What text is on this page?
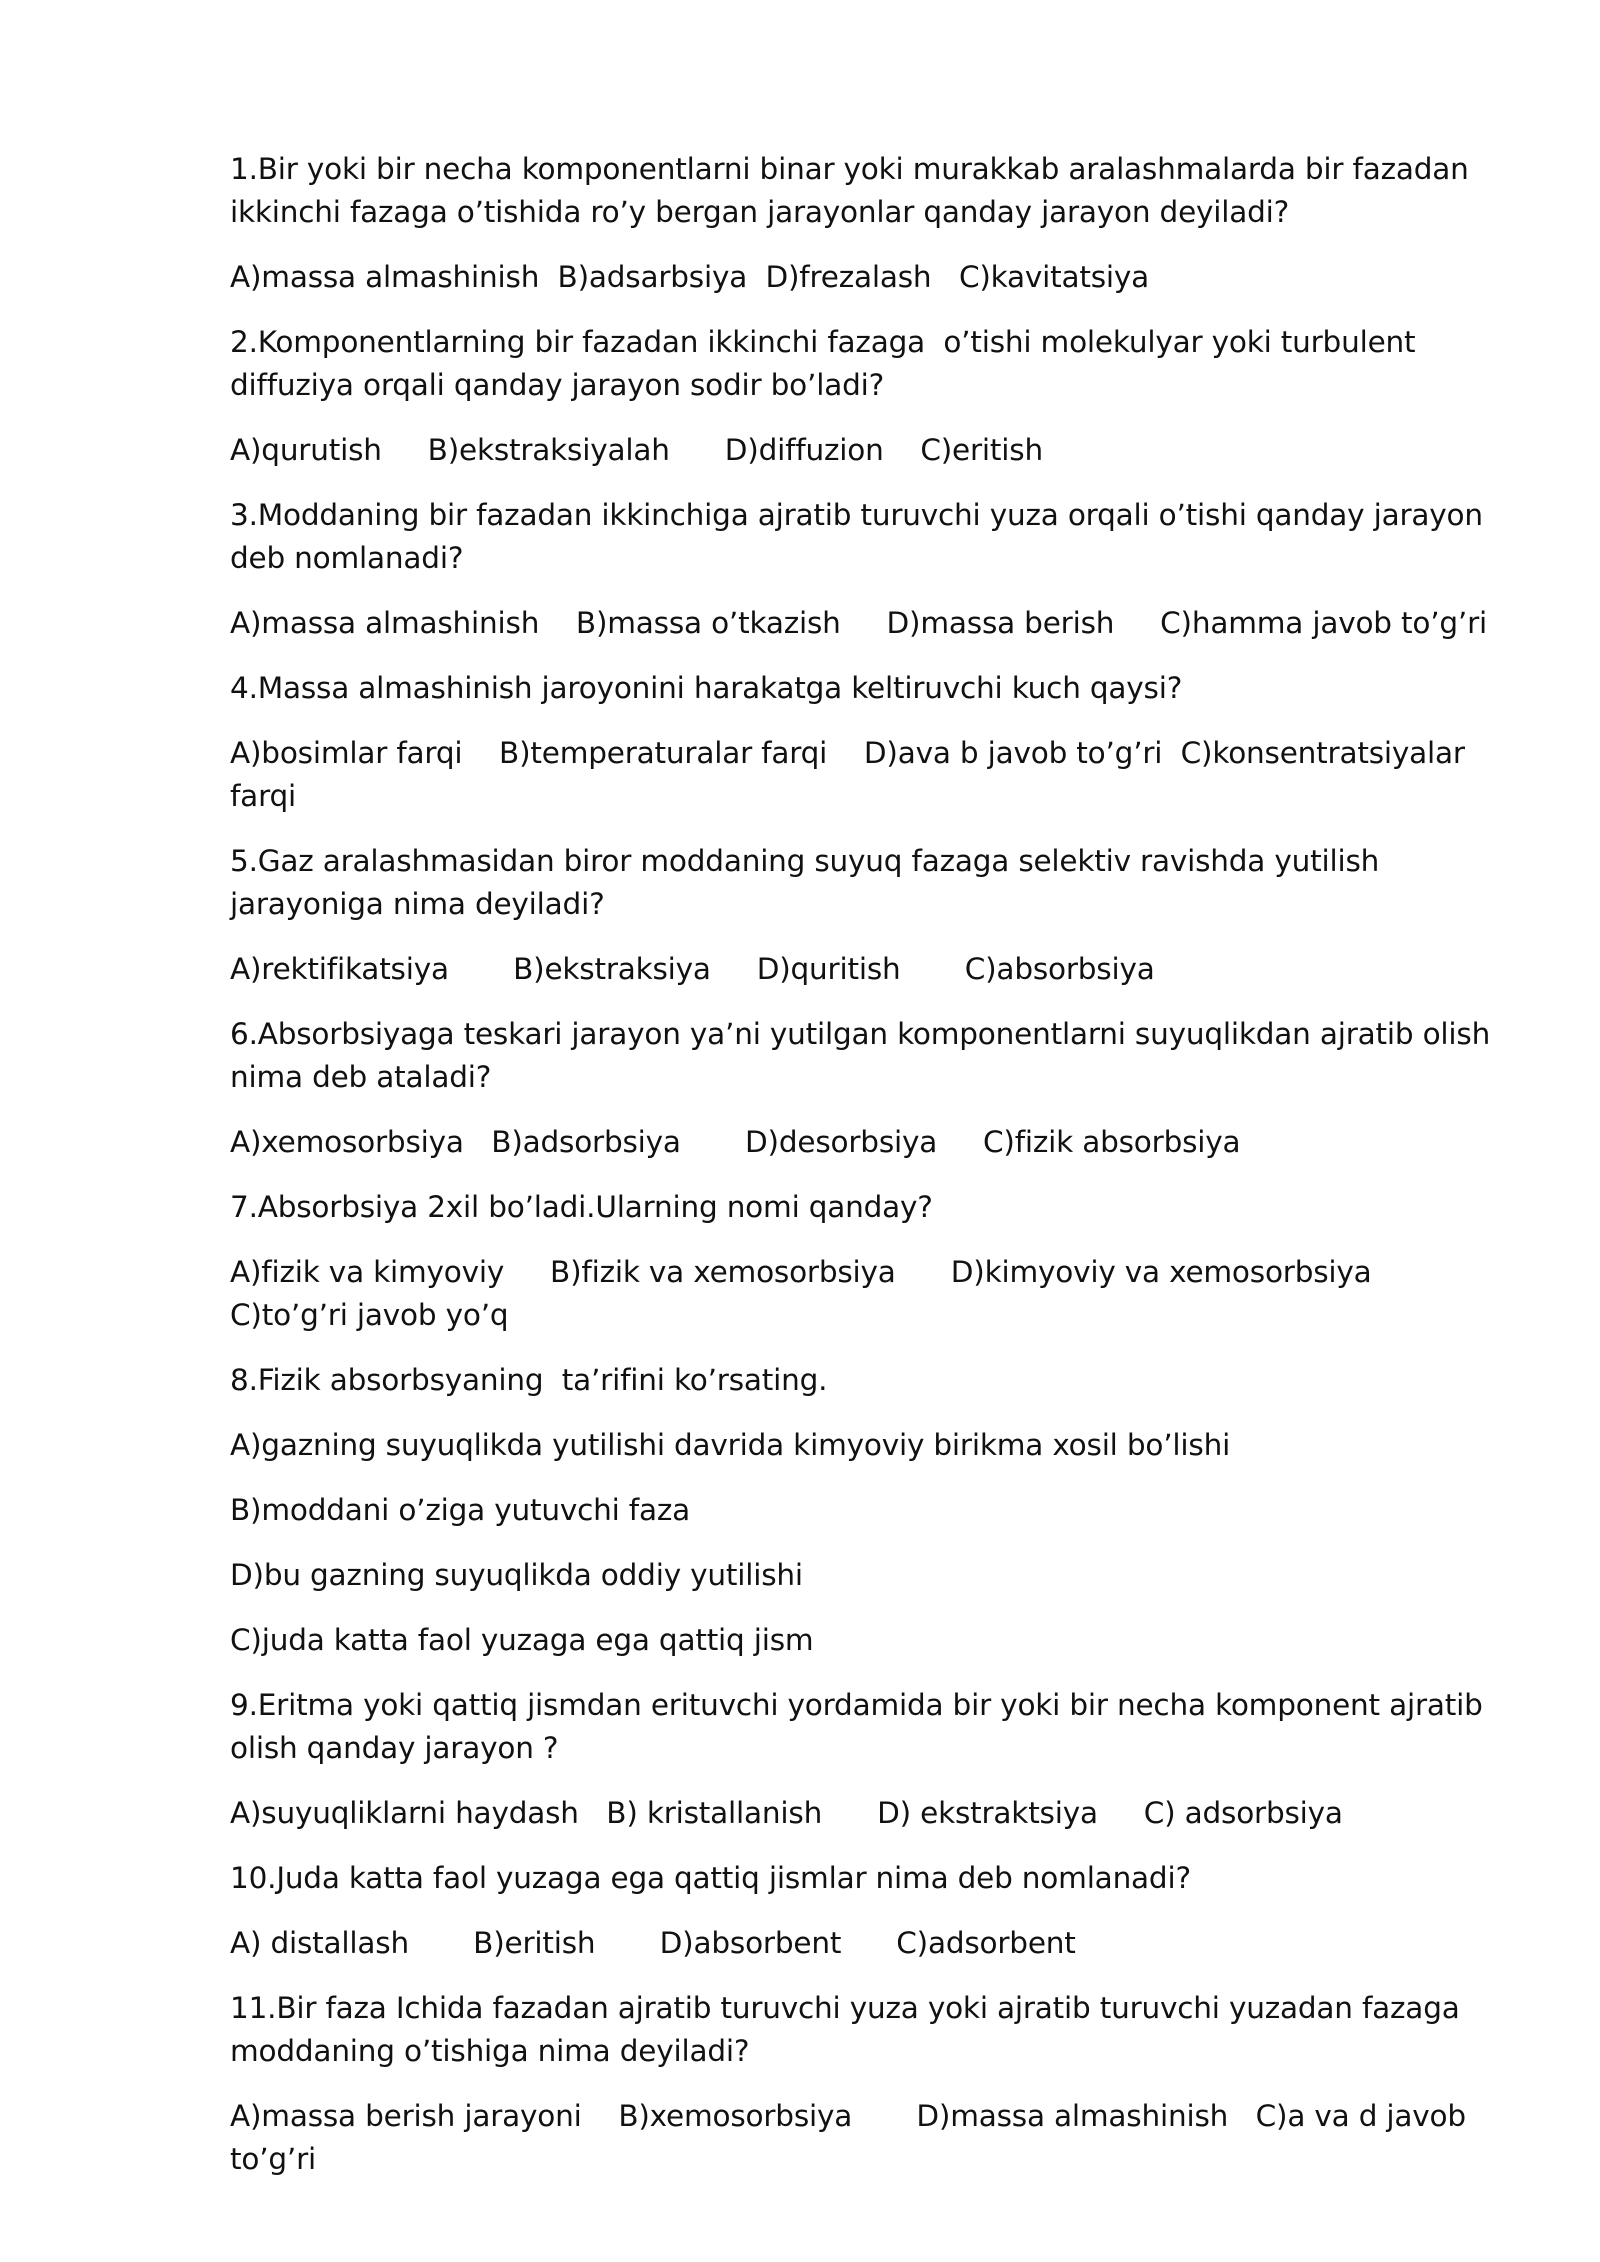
1.Bir yoki bir necha komponentlarni binar yoki murakkab aralashmalarda bir fazadan ikkinchi fazaga o’tishida ro’y bergan jarayonlar qanday jarayon deyiladi?

A)massa almashinish  B)adsarbsiya  D)frezalash   C)kavitatsiya

2.Komponentlarning bir fazadan ikkinchi fazaga  o’tishi molekulyar yoki turbulent diffuziya orqali qanday jarayon sodir bo’ladi?

A)qurutish     B)ekstraksiyalah      D)diffuzion    C)eritish

3.Moddaning bir fazadan ikkinchiga ajratib turuvchi yuza orqali o’tishi qanday jarayon deb nomlanadi?

A)massa almashinish    B)massa o’tkazish     D)massa berish     C)hamma javob to’g’ri

4.Massa almashinish jaroyonini harakatga keltiruvchi kuch qaysi?

A)bosimlar farqi    B)temperaturalar farqi    D)ava b javob to’g’ri  C)konsentratsiyalar farqi

5.Gaz aralashmasidan biror moddaning suyuq fazaga selektiv ravishda yutilish jarayoniga nima deyiladi?

A)rektifikatsiya       B)ekstraksiya     D)quritish       C)absorbsiya

6.Absorbsiyaga teskari jarayon ya’ni yutilgan komponentlarni suyuqlikdan ajratib olish nima deb ataladi?

A)xemosorbsiya   B)adsorbsiya       D)desorbsiya     C)fizik absorbsiya

7.Absorbsiya 2xil bo’ladi.Ularning nomi qanday?

A)fizik va kimyoviy     B)fizik va xemosorbsiya      D)kimyoviy va xemosorbsiya   C)to’g’ri javob yo’q

8.Fizik absorbsyaning  ta’rifini ko’rsating.

A)gazning suyuqlikda yutilishi davrida kimyoviy birikma xosil bo’lishi

B)moddani o’ziga yutuvchi faza

D)bu gazning suyuqlikda oddiy yutilishi

C)juda katta faol yuzaga ega qattiq jism

9.Eritma yoki qattiq jismdan erituvchi yordamida bir yoki bir necha komponent ajratib olish qanday jarayon ?

A)suyuqliklarni haydash   B) kristallanish      D) ekstraktsiya     C) adsorbsiya

10.Juda katta faol yuzaga ega qattiq jismlar nima deb nomlanadi?

A) distallash       B)eritish       D)absorbent      C)adsorbent

11.Bir faza Ichida fazadan ajratib turuvchi yuza yoki ajratib turuvchi yuzadan fazaga moddaning o’tishiga nima deyiladi?

A)massa berish jarayoni    B)xemosorbsiya       D)massa almashinish   C)a va d javob to’g’ri
